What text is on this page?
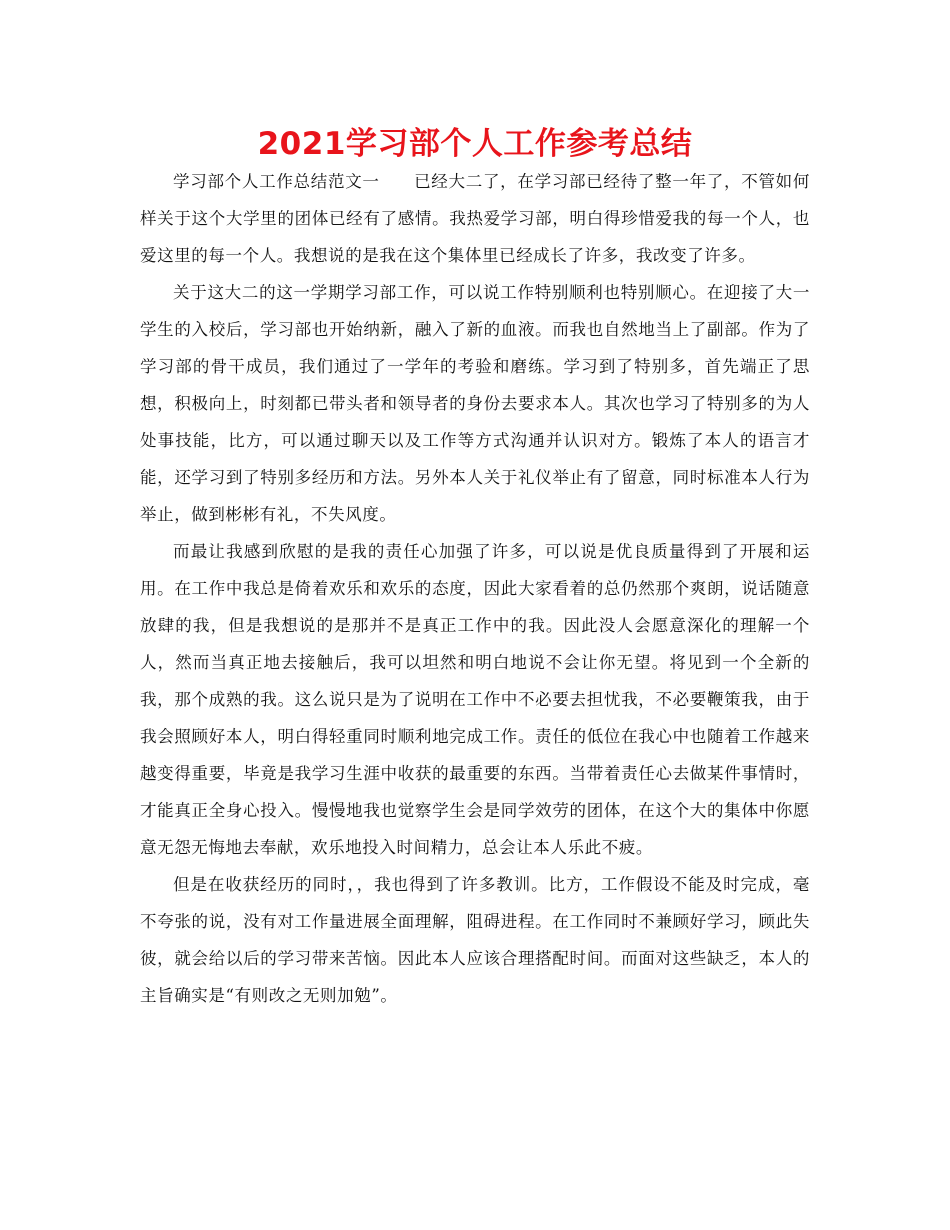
2021学习部个人工作参考总结

学习部个人工作总结范文一　　已经大二了，在学习部已经待了整一年了，不管如何样关于这个大学里的团体已经有了感情。我热爱学习部，明白得珍惜爱我的每一个人，也爱这里的每一个人。我想说的是我在这个集体里已经成长了许多，我改变了许多。

关于这大二的这一学期学习部工作，可以说工作特别顺利也特别顺心。在迎接了大一学生的入校后，学习部也开始纳新，融入了新的血液。而我也自然地当上了副部。作为了学习部的骨干成员，我们通过了一学年的考验和磨练。学习到了特别多，首先端正了思想，积极向上，时刻都已带头者和领导者的身份去要求本人。其次也学习了特别多的为人处事技能，比方，可以通过聊天以及工作等方式沟通并认识对方。锻炼了本人的语言才能，还学习到了特别多经历和方法。另外本人关于礼仪举止有了留意，同时标准本人行为举止，做到彬彬有礼，不失风度。

而最让我感到欣慰的是我的责任心加强了许多，可以说是优良质量得到了开展和运用。在工作中我总是倚着欢乐和欢乐的态度，因此大家看着的总仍然那个爽朗，说话随意放肆的我，但是我想说的是那并不是真正工作中的我。因此没人会愿意深化的理解一个人，然而当真正地去接触后，我可以坦然和明白地说不会让你无望。将见到一个全新的我，那个成熟的我。这么说只是为了说明在工作中不必要去担忧我，不必要鞭策我，由于我会照顾好本人，明白得轻重同时顺利地完成工作。责任的低位在我心中也随着工作越来越变得重要，毕竟是我学习生涯中收获的最重要的东西。当带着责任心去做某件事情时，才能真正全身心投入。慢慢地我也觉察学生会是同学效劳的团体，在这个大的集体中你愿意无怨无悔地去奉献，欢乐地投入时间精力，总会让本人乐此不疲。

但是在收获经历的同时，，我也得到了许多教训。比方，工作假设不能及时完成，毫不夸张的说，没有对工作量进展全面理解，阻碍进程。在工作同时不兼顾好学习，顾此失彼，就会给以后的学习带来苦恼。因此本人应该合理搭配时间。而面对这些缺乏，本人的主旨确实是“有则改之无则加勉”。
